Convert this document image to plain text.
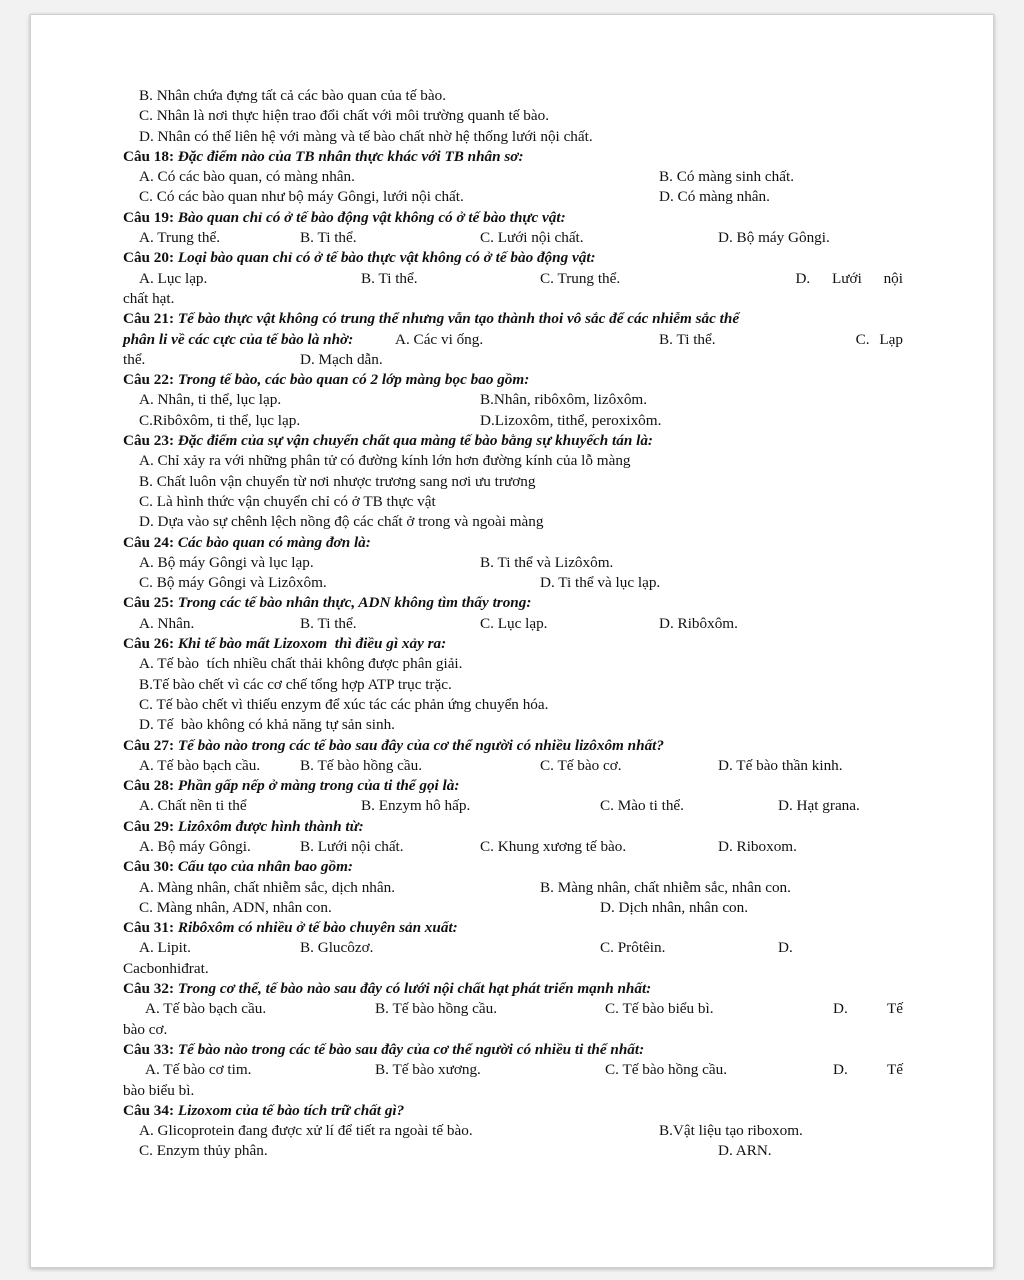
B. Nhân chứa đựng tất cả các bào quan của tế bào.
C. Nhân là nơi thực hiện trao đổi chất với môi trường quanh tế bào.
D. Nhân có thể liên hệ với màng và tế bào chất nhờ hệ thống lưới nội chất.
Câu 18: Đặc điểm nào của TB nhân thực khác với TB nhân sơ:
A. Có các bào quan, có màng nhân.	B. Có màng sinh chất.
C. Có các bào quan như bộ máy Gôngi, lưới nội chất.	D. Có màng nhân.
Câu 19: Bào quan chỉ có ở tế bào động vật không có ở tế bào thực vật:
A. Trung thể.	B. Ti thể.	C. Lưới nội chất.	D. Bộ máy Gôngi.
Câu 20: Loại bào quan chỉ có ở tế bào thực vật không có ở tế bào động vật:
A. Lục lạp.	B. Ti thể.	C. Trung thể.	D. Lưới nội
chất hạt.
Câu 21: Tế bào thực vật không có trung thể nhưng vẫn tạo thành thoi vô sắc để các nhiễm sắc thể
phân li về các cực của tế bào là nhờ:	A. Các vi ống.	B. Ti thể.	C. Lạp
thể.	D. Mạch dẫn.
Câu 22: Trong tế bào, các bào quan có 2 lớp màng bọc bao gồm:
A. Nhân, ti thể, lục lạp.	B.Nhân, ribôxôm, lizôxôm.
C.Ribôxôm, ti thể, lục lạp.	D.Lizoxôm, tithể, peroxixôm.
Câu 23: Đặc điểm của sự vận chuyển chất qua màng tế bào bằng sự khuyếch tán là:
A. Chỉ xảy ra với những phân tử có đường kính lớn hơn đường kính của lỗ màng
B. Chất luôn vận chuyển từ nơi nhược trương sang nơi ưu trương
C. Là hình thức vận chuyển chỉ có ở TB thực vật
D. Dựa vào sự chênh lệch nồng độ các chất ở trong và ngoài màng
Câu 24: Các bào quan có màng đơn là:
A. Bộ máy Gôngi và lục lạp.	B. Ti thể và Lizôxôm.
C. Bộ máy Gôngi và Lizôxôm.	D. Ti thể và lục lạp.
Câu 25: Trong các tế bào nhân thực, ADN không tìm thấy trong:
A. Nhân.	B. Ti thể.	C. Lục lạp.	D. Ribôxôm.
Câu 26: Khi tế bào mất Lizoxom  thì điều gì xảy ra:
A. Tế bào  tích nhiều chất thải không được phân giải.
B.Tế bào chết vì các cơ chế tổng hợp ATP trục trặc.
C. Tế bào chết vì thiếu enzym để xúc tác các phản ứng chuyển hóa.
D. Tế  bào không có khả năng tự sản sinh.
Câu 27: Tế bào nào trong các tế bào sau đây của cơ thể người có nhiều lizôxôm nhất?
A. Tế bào bạch cầu.	B. Tế bào hồng cầu.	C. Tế bào cơ.	D. Tế bào thần kinh.
Câu 28: Phần gấp nếp ở màng trong của ti thể gọi là:
A. Chất nền ti thể	B. Enzym hô hấp.	C. Mào ti thể.	D. Hạt grana.
Câu 29: Lizôxôm được hình thành từ:
A. Bộ máy Gôngi.	B. Lưới nội chất.	C. Khung xương tế bào.	D. Riboxom.
Câu 30: Cấu tạo của nhân bao gồm:
A. Màng nhân, chất nhiễm sắc, dịch nhân.	B. Màng nhân, chất nhiễm sắc, nhân con.
C. Màng nhân, ADN, nhân con.	D. Dịch nhân, nhân con.
Câu 31: Ribôxôm có nhiều ở tế bào chuyên sản xuất:
A. Lipit.	B. Glucôzơ.	C. Prôtêin.	D.
Cacbonhiđrat.
Câu 32: Trong cơ thể, tế bào nào sau đây có lưới nội chất hạt phát triển mạnh nhất:
A. Tế bào bạch cầu.	B. Tế bào hồng cầu.	C. Tế bào biểu bì.	D.	Tế
bào cơ.
Câu 33: Tế bào nào trong các tế bào sau đây của cơ thể người có nhiều ti thể nhất:
A. Tế bào cơ tim.	B. Tế bào xương.	C. Tế bào hồng cầu.	D.	Tế
bào biểu bì.
Câu 34: Lizoxom của tế bào tích trữ chất gì?
A. Glicoprotein đang được xử lí để tiết ra ngoài tế bào.	B.Vật liệu tạo riboxom.
C. Enzym thủy phân.	D. ARN.
